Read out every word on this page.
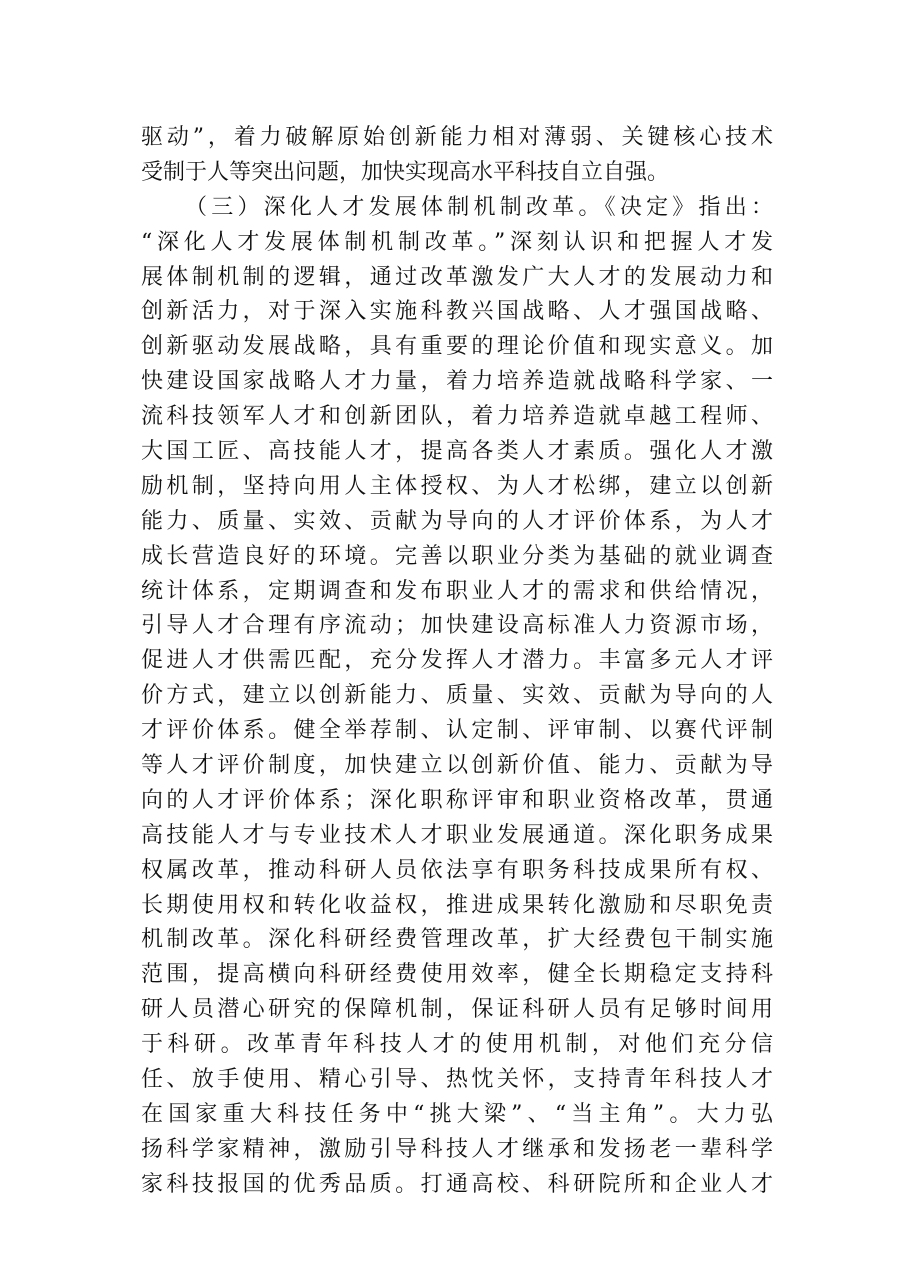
驱动”，着力破解原始创新能力相对薄弱、关键核心技术
受制于人等突出问题，加快实现高水平科技自立自强。
（三）深化人才发展体制机制改革。《决定》指出：
“深化人才发展体制机制改革。”深刻认识和把握人才发
展体制机制的逻辑，通过改革激发广大人才的发展动力和
创新活力，对于深入实施科教兴国战略、人才强国战略、
创新驱动发展战略，具有重要的理论价值和现实意义。加
快建设国家战略人才力量，着力培养造就战略科学家、一
流科技领军人才和创新团队，着力培养造就卓越工程师、
大国工匠、高技能人才，提高各类人才素质。强化人才激
励机制，坚持向用人主体授权、为人才松绑，建立以创新
能力、质量、实效、贡献为导向的人才评价体系，为人才
成长营造良好的环境。完善以职业分类为基础的就业调查
统计体系，定期调查和发布职业人才的需求和供给情况，
引导人才合理有序流动；加快建设高标准人力资源市场，
促进人才供需匹配，充分发挥人才潜力。丰富多元人才评
价方式，建立以创新能力、质量、实效、贡献为导向的人
才评价体系。健全举荐制、认定制、评审制、以赛代评制
等人才评价制度，加快建立以创新价值、能力、贡献为导
向的人才评价体系；深化职称评审和职业资格改革，贯通
高技能人才与专业技术人才职业发展通道。深化职务成果
权属改革，推动科研人员依法享有职务科技成果所有权、
长期使用权和转化收益权，推进成果转化激励和尽职免责
机制改革。深化科研经费管理改革，扩大经费包干制实施
范围，提高横向科研经费使用效率，健全长期稳定支持科
研人员潜心研究的保障机制，保证科研人员有足够时间用
于科研。改革青年科技人才的使用机制，对他们充分信
任、放手使用、精心引导、热忱关怀，支持青年科技人才
在国家重大科技任务中“挑大梁”、“当主角”。大力弘
扬科学家精神，激励引导科技人才继承和发扬老一辈科学
家科技报国的优秀品质。打通高校、科研院所和企业人才
